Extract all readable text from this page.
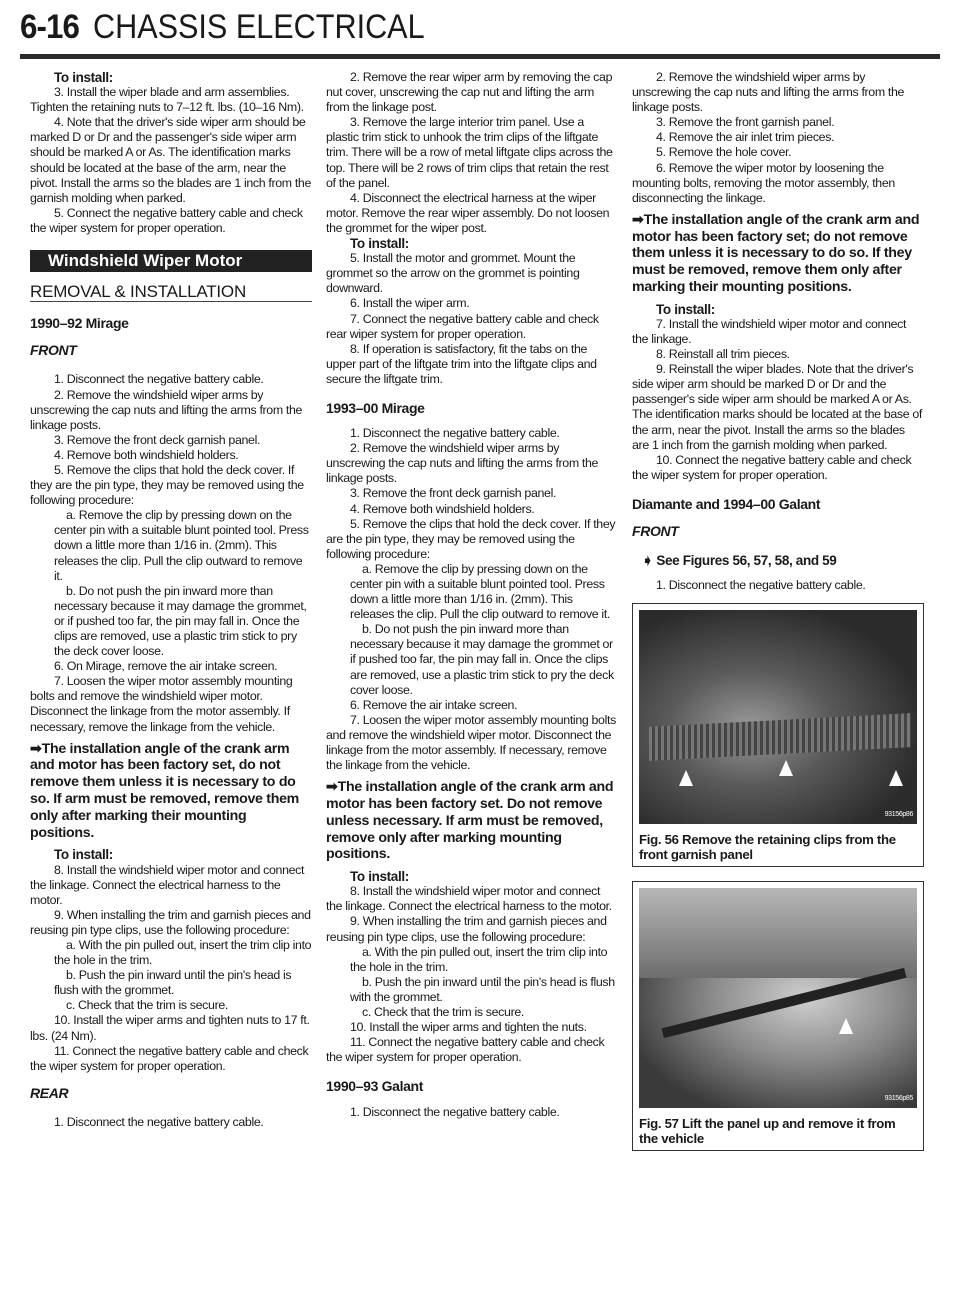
6-16 CHASSIS ELECTRICAL

To install:

3. Install the wiper blade and arm assemblies. Tighten the retaining nuts to 7–12 ft. lbs. (10–16 Nm).

4. Note that the driver's side wiper arm should be marked D or Dr and the passenger's side wiper arm should be marked A or As. The identification marks should be located at the base of the arm, near the pivot. Install the arms so the blades are 1 inch from the garnish molding when parked.

5. Connect the negative battery cable and check the wiper system for proper operation.

Windshield Wiper Motor
REMOVAL & INSTALLATION
1990–92 Mirage
FRONT

1. Disconnect the negative battery cable.

2. Remove the windshield wiper arms by unscrewing the cap nuts and lifting the arms from the linkage posts.

3. Remove the front deck garnish panel.

4. Remove both windshield holders.

5. Remove the clips that hold the deck cover. If they are the pin type, they may be removed using the following procedure:

a. Remove the clip by pressing down on the center pin with a suitable blunt pointed tool. Press down a little more than 1/16 in. (2mm). This releases the clip. Pull the clip outward to remove it.

b. Do not push the pin inward more than necessary because it may damage the grommet, or if pushed too far, the pin may fall in. Once the clips are removed, use a plastic trim stick to pry the deck cover loose.

6. On Mirage, remove the air intake screen.

7. Loosen the wiper motor assembly mounting bolts and remove the windshield wiper motor. Disconnect the linkage from the motor assembly. If necessary, remove the linkage from the vehicle.

➡The installation angle of the crank arm and motor has been factory set, do not remove them unless it is necessary to do so. If arm must be removed, remove them only after marking their mounting positions.

To install:

8. Install the windshield wiper motor and connect the linkage. Connect the electrical harness to the motor.

9. When installing the trim and garnish pieces and reusing pin type clips, use the following procedure:

a. With the pin pulled out, insert the trim clip into the hole in the trim.

b. Push the pin inward until the pin's head is flush with the grommet.

c. Check that the trim is secure.

10. Install the wiper arms and tighten nuts to 17 ft. lbs. (24 Nm).

11. Connect the negative battery cable and check the wiper system for proper operation.

REAR

1. Disconnect the negative battery cable.

2. Remove the rear wiper arm by removing the cap nut cover, unscrewing the cap nut and lifting the arm from the linkage post.

3. Remove the large interior trim panel. Use a plastic trim stick to unhook the trim clips of the liftgate trim. There will be a row of metal liftgate clips across the top. There will be 2 rows of trim clips that retain the rest of the panel.

4. Disconnect the electrical harness at the wiper motor. Remove the rear wiper assembly. Do not loosen the grommet for the wiper post.

To install:

5. Install the motor and grommet. Mount the grommet so the arrow on the grommet is pointing downward.

6. Install the wiper arm.

7. Connect the negative battery cable and check rear wiper system for proper operation.

8. If operation is satisfactory, fit the tabs on the upper part of the liftgate trim into the liftgate clips and secure the liftgate trim.

1993–00 Mirage

1. Disconnect the negative battery cable.

2. Remove the windshield wiper arms by unscrewing the cap nuts and lifting the arms from the linkage posts.

3. Remove the front deck garnish panel.

4. Remove both windshield holders.

5. Remove the clips that hold the deck cover. If they are the pin type, they may be removed using the following procedure:

a. Remove the clip by pressing down on the center pin with a suitable blunt pointed tool. Press down a little more than 1/16 in. (2mm). This releases the clip. Pull the clip outward to remove it.

b. Do not push the pin inward more than necessary because it may damage the grommet or if pushed too far, the pin may fall in. Once the clips are removed, use a plastic trim stick to pry the deck cover loose.

6. Remove the air intake screen.

7. Loosen the wiper motor assembly mounting bolts and remove the windshield wiper motor. Disconnect the linkage from the motor assembly. If necessary, remove the linkage from the vehicle.

➡The installation angle of the crank arm and motor has been factory set. Do not remove unless necessary. If arm must be removed, remove only after marking mounting positions.

To install:

8. Install the windshield wiper motor and connect the linkage. Connect the electrical harness to the motor.

9. When installing the trim and garnish pieces and reusing pin type clips, use the following procedure:

a. With the pin pulled out, insert the trim clip into the hole in the trim.

b. Push the pin inward until the pin's head is flush with the grommet.

c. Check that the trim is secure.

10. Install the wiper arms and tighten the nuts.

11. Connect the negative battery cable and check the wiper system for proper operation.

1990–93 Galant

1. Disconnect the negative battery cable.

2. Remove the windshield wiper arms by unscrewing the cap nuts and lifting the arms from the linkage posts.

3. Remove the front garnish panel.

4. Remove the air inlet trim pieces.

5. Remove the hole cover.

6. Remove the wiper motor by loosening the mounting bolts, removing the motor assembly, then disconnecting the linkage.

➡The installation angle of the crank arm and motor has been factory set; do not remove them unless it is necessary to do so. If they must be removed, remove them only after marking their mounting positions.

To install:

7. Install the windshield wiper motor and connect the linkage.

8. Reinstall all trim pieces.

9. Reinstall the wiper blades. Note that the driver's side wiper arm should be marked D or Dr and the passenger's side wiper arm should be marked A or As. The identification marks should be located at the base of the arm, near the pivot. Install the arms so the blades are 1 inch from the garnish molding when parked.

10. Connect the negative battery cable and check the wiper system for proper operation.

Diamante and 1994–00 Galant
FRONT

➧ See Figures 56, 57, 58, and 59

1. Disconnect the negative battery cable.

93156p86
Fig. 56 Remove the retaining clips from the front garnish panel
93156p85
Fig. 57 Lift the panel up and remove it from the vehicle
